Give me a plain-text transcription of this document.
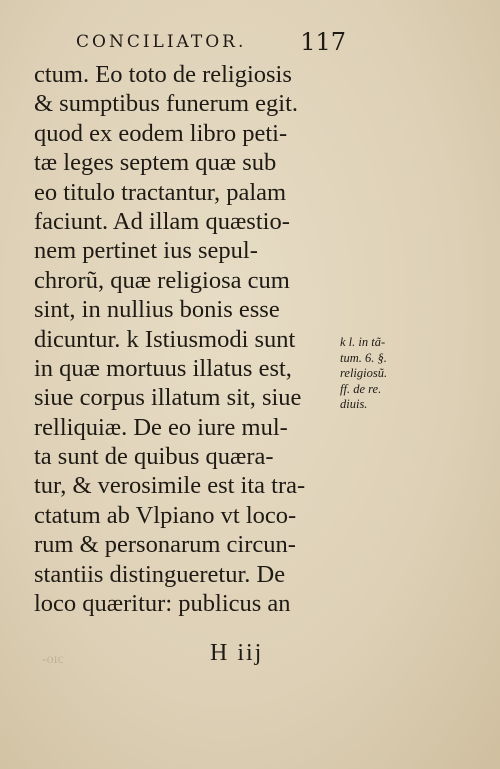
CONCILIATOR. 117
ctum. Eo toto de religiosis
& sumptibus funerum egit.
quod ex eodem libro peti-
tæ leges septem quæ sub
eo titulo tractantur, palam
faciunt. Ad illam quæstio-
nem pertinet ius sepul-
chrorũ, quæ religiosa cum
sint, in nullius bonis esse
dicuntur. k Istiusmodi sunt
in quæ mortuus illatus est,
siue corpus illatum sit, siue
relliquiæ. De eo iure mul-
ta sunt de quibus quæra-
tur, & verosimile est ita tra-
ctatum ab Vlpiano vt loco-
rum & personarum circun-
stantiis distingueretur. De
loco quæritur: publicus an
k l. in tã-
tum. 6. §.
religiosũ.
ff. de re.
diuis.
-oıc	H iij
